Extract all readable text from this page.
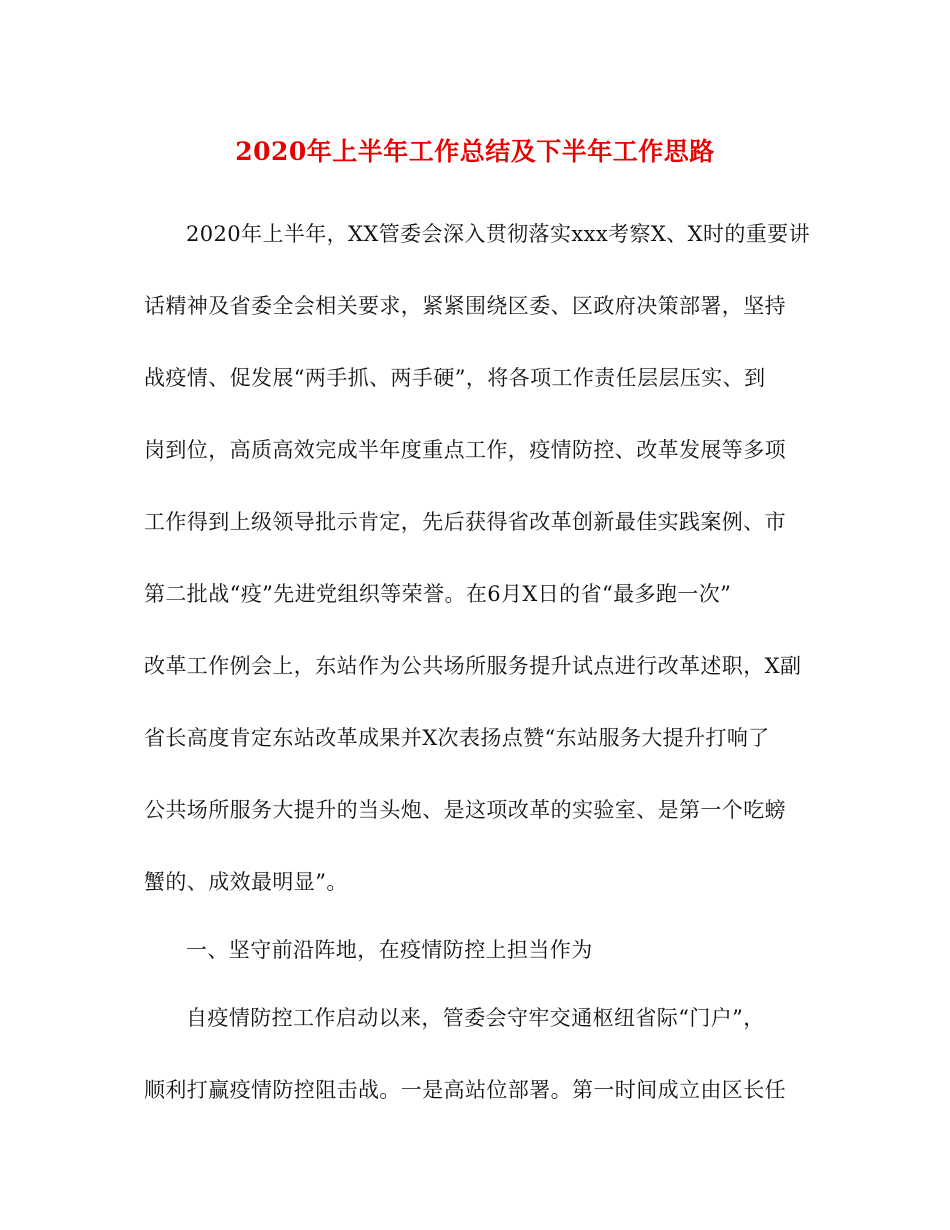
2020年上半年工作总结及下半年工作思路
2020年上半年，XX管委会深入贯彻落实xxx考察X、X时的重要讲
话精神及省委全会相关要求，紧紧围绕区委、区政府决策部署，坚持
战疫情、促发展“两手抓、两手硬”，将各项工作责任层层压实、到
岗到位，高质高效完成半年度重点工作，疫情防控、改革发展等多项
工作得到上级领导批示肯定，先后获得省改革创新最佳实践案例、市
第二批战“疫”先进党组织等荣誉。在6月X日的省“最多跑一次”
改革工作例会上，东站作为公共场所服务提升试点进行改革述职，X副
省长高度肯定东站改革成果并X次表扬点赞“东站服务大提升打响了
公共场所服务大提升的当头炮、是这项改革的实验室、是第一个吃螃
蟹的、成效最明显”。
一、坚守前沿阵地，在疫情防控上担当作为
自疫情防控工作启动以来，管委会守牢交通枢纽省际“门户”，
顺利打赢疫情防控阻击战。一是高站位部署。第一时间成立由区长任
